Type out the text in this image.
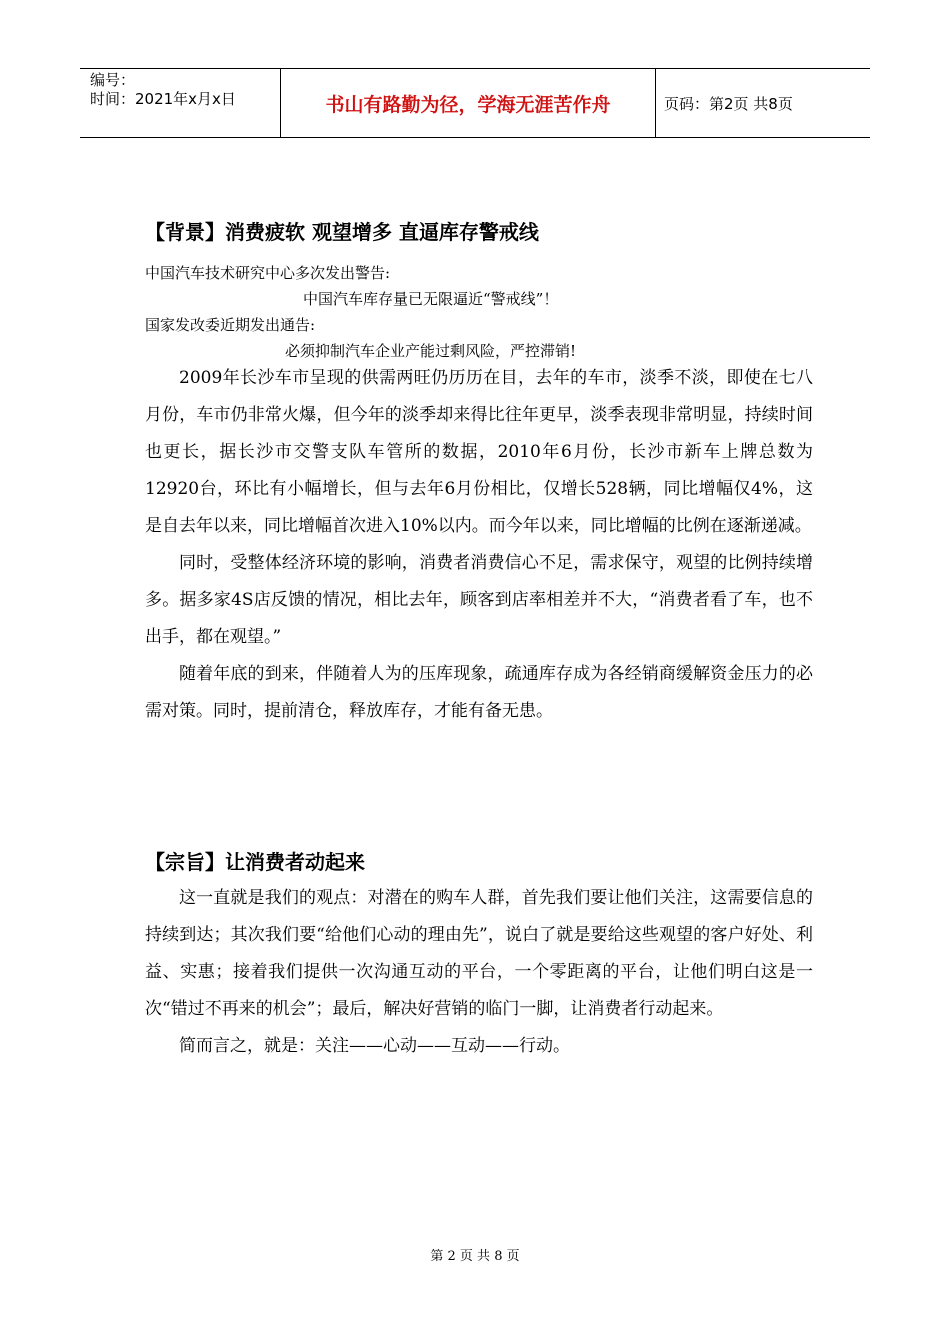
编号：
时间：2021年x月x日	书山有路勤为径，学海无涯苦作舟	页码：第2页 共8页
【背景】消费疲软 观望增多 直逼库存警戒线

中国汽车技术研究中心多次发出警告:

中国汽车库存量已无限逼近“警戒线”！

国家发改委近期发出通告:

必须抑制汽车企业产能过剩风险，严控滞销!

2009年长沙车市呈现的供需两旺仍历历在目，去年的车市，淡季不淡，即使在七八月份，车市仍非常火爆，但今年的淡季却来得比往年更早，淡季表现非常明显，持续时间也更长，据长沙市交警支队车管所的数据，2010年6月份，长沙市新车上牌总数为12920台，环比有小幅增长，但与去年6月份相比，仅增长528辆，同比增幅仅4%，这是自去年以来，同比增幅首次进入10%以内。而今年以来，同比增幅的比例在逐渐递减。

同时，受整体经济环境的影响，消费者消费信心不足，需求保守，观望的比例持续增多。据多家4S店反馈的情况，相比去年，顾客到店率相差并不大，“消费者看了车，也不出手，都在观望。”

随着年底的到来，伴随着人为的压库现象，疏通库存成为各经销商缓解资金压力的必需对策。同时，提前清仓，释放库存，才能有备无患。

【宗旨】让消费者动起来

这一直就是我们的观点：对潜在的购车人群，首先我们要让他们关注，这需要信息的持续到达；其次我们要“给他们心动的理由先”，说白了就是要给这些观望的客户好处、利益、实惠；接着我们提供一次沟通互动的平台，一个零距离的平台，让他们明白这是一次“错过不再来的机会”；最后，解决好营销的临门一脚，让消费者行动起来。

简而言之，就是：关注——心动——互动——行动。

第 2 页 共 8 页
